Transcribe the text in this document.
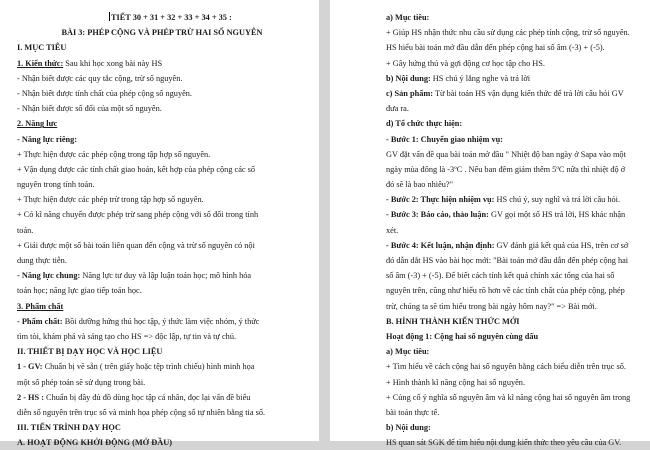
TIẾT 30 + 31 + 32 + 33 + 34 + 35 :
BÀI 3: PHÉP CỘNG VÀ PHÉP TRỪ HAI SỐ NGUYÊN
I. MỤC TIÊU
1. Kiến thức: Sau khi học xong bài này HS
- Nhận biết được các quy tắc cộng, trừ số nguyên.
- Nhận biết được tính chất của phép cộng số nguyên.
- Nhận biết được số đối của một số nguyên.
2. Năng lực
- Năng lực riêng:
+ Thực hiện được các phép cộng trong tập hợp số nguyên.
+ Vận dụng được các tính chất giao hoán, kết hợp của phép cộng các số
nguyên trong tính toán.
+ Thực hiện được các phép trừ trong tập hợp số nguyên.
+ Có kĩ năng chuyển được phép trừ sang phép cộng với số đối trong tính
toán.
+ Giải được một số bài toán liên quan đến cộng và trừ số nguyên có nội
dung thực tiễn.
- Năng lực chung: Năng lực tư duy và lập luận toán học; mô hình hóa
toán học; năng lực giao tiếp toán học.
3. Phẩm chất
- Phẩm chất: Bồi dưỡng hứng thú học tập, ý thức làm việc nhóm, ý thức
tìm tòi, khám phá và sáng tạo cho HS => độc lập, tự tin và tự chủ.
II. THIẾT BỊ DẠY HỌC VÀ HỌC LIỆU
1 - GV: Chuẩn bị vẽ sẵn ( trên giấy hoặc tệp trình chiếu) hình minh họa
một số phép toán sẽ sử dụng trong bài.
2 - HS : Chuẩn bị đầy đủ đồ dùng học tập cá nhân, đọc lại vấn đề biểu
diễn số nguyên trên trục số và minh họa phép cộng số tự nhiên bằng tia số.
III. TIẾN TRÌNH DẠY HỌC
A. HOẠT ĐỘNG KHỞI ĐỘNG (MỞ ĐẦU)
a) Mục tiêu:
+ Giúp HS nhận thức nhu cầu sử dụng các phép tính cộng, trừ số nguyên.
HS hiểu bài toán mở đầu dẫn đến phép cộng hai số âm (-3) + (-5).
+ Gây hứng thú và gợi động cơ học tập cho HS.
b) Nội dung: HS chú ý lắng nghe và trả lời
c) Sản phẩm: Từ bài toán HS vận dụng kiến thức để trả lời câu hỏi GV
đưa ra.
d) Tổ chức thực hiện:
- Bước 1: Chuyển giao nhiệm vụ:
GV đặt vấn đề qua bài toán mở đầu " Nhiệt độ ban ngày ở Sapa vào một
ngày mùa đông là -3ºC . Nếu ban đêm giảm thêm 5ºC nữa thì nhiệt độ ở
đó sẽ là bao nhiêu?"
- Bước 2: Thực hiện nhiệm vụ: HS chú ý, suy nghĩ và trả lời câu hỏi.
- Bước 3: Báo cáo, thảo luận: GV gọi một số HS trả lời, HS khác nhận
xét.
- Bước 4: Kết luận, nhận định: GV đánh giá kết quả của HS, trên cơ sở
đó dẫn dắt HS vào bài học mới: "Bài toán mở đầu dẫn đến phép cộng hai
số âm (-3) + (-5). Để biết cách tính kết quả chính xác tổng của hai số
nguyên trên, cũng như hiểu rõ hơn về các tính chất của phép cộng, phép
trừ, chúng ta sẽ tìm hiểu trong bài ngày hôm nay?" => Bài mới.
B. HÌNH THÀNH KIẾN THỨC MỚI
Hoạt động 1: Cộng hai số nguyên cùng dấu
a) Mục tiêu:
+ Tìm hiểu về cách cộng hai số nguyên bằng cách biểu diễn trên trục số.
+ Hình thành kĩ năng cộng hai số nguyên.
+ Củng cố ý nghĩa số nguyên âm và kĩ năng cộng hai số nguyên âm trong
bài toán thực tế.
b) Nội dung:
HS quan sát SGK để tìm hiểu nội dung kiến thức theo yêu cầu của GV.
